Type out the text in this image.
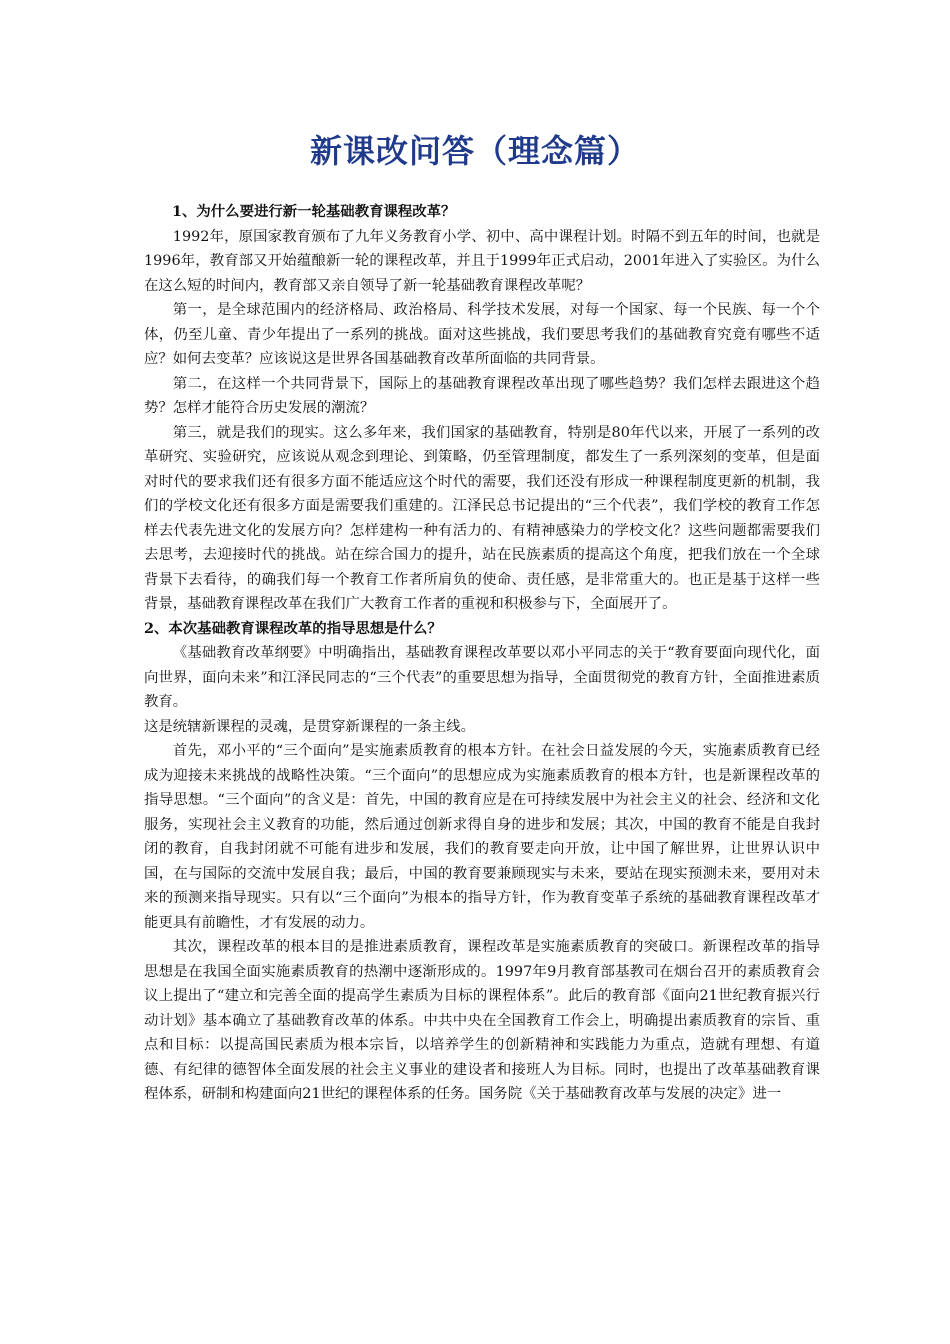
新课改问答（理念篇）

1、为什么要进行新一轮基础教育课程改革？

1992年，原国家教育颁布了九年义务教育小学、初中、高中课程计划。时隔不到五年的时间，也就是1996年，教育部又开始蕴酿新一轮的课程改革，并且于1999年正式启动，2001年进入了实验区。为什么在这么短的时间内，教育部又亲自领导了新一轮基础教育课程改革呢？

第一，是全球范围内的经济格局、政治格局、科学技术发展，对每一个国家、每一个民族、每一个个体，仍至儿童、青少年提出了一系列的挑战。面对这些挑战，我们要思考我们的基础教育究竟有哪些不适应？如何去变革？应该说这是世界各国基础教育改革所面临的共同背景。

第二，在这样一个共同背景下，国际上的基础教育课程改革出现了哪些趋势？我们怎样去跟进这个趋势？怎样才能符合历史发展的潮流？

第三，就是我们的现实。这么多年来，我们国家的基础教育，特别是80年代以来，开展了一系列的改革研究、实验研究，应该说从观念到理论、到策略，仍至管理制度，都发生了一系列深刻的变革，但是面对时代的要求我们还有很多方面不能适应这个时代的需要，我们还没有形成一种课程制度更新的机制，我们的学校文化还有很多方面是需要我们重建的。江泽民总书记提出的“三个代表”，我们学校的教育工作怎样去代表先进文化的发展方向？怎样建构一种有活力的、有精神感染力的学校文化？这些问题都需要我们去思考，去迎接时代的挑战。站在综合国力的提升，站在民族素质的提高这个角度，把我们放在一个全球背景下去看待，的确我们每一个教育工作者所肩负的使命、责任感，是非常重大的。也正是基于这样一些背景，基础教育课程改革在我们广大教育工作者的重视和积极参与下，全面展开了。

2、本次基础教育课程改革的指导思想是什么？

《基础教育改革纲要》中明确指出，基础教育课程改革要以邓小平同志的关于“教育要面向现代化，面向世界，面向未来”和江泽民同志的“三个代表”的重要思想为指导，全面贯彻党的教育方针，全面推进素质教育。

这是统辖新课程的灵魂，是贯穿新课程的一条主线。

首先，邓小平的“三个面向”是实施素质教育的根本方针。在社会日益发展的今天，实施素质教育已经成为迎接未来挑战的战略性决策。“三个面向”的思想应成为实施素质教育的根本方针，也是新课程改革的指导思想。“三个面向”的含义是：首先，中国的教育应是在可持续发展中为社会主义的社会、经济和文化服务，实现社会主义教育的功能，然后通过创新求得自身的进步和发展；其次，中国的教育不能是自我封闭的教育，自我封闭就不可能有进步和发展，我们的教育要走向开放，让中国了解世界，让世界认识中国，在与国际的交流中发展自我；最后，中国的教育要兼顾现实与未来，要站在现实预测未来，要用对未来的预测来指导现实。只有以“三个面向”为根本的指导方针，作为教育变革子系统的基础教育课程改革才能更具有前瞻性，才有发展的动力。

其次，课程改革的根本目的是推进素质教育，课程改革是实施素质教育的突破口。新课程改革的指导思想是在我国全面实施素质教育的热潮中逐渐形成的。1997年9月教育部基教司在烟台召开的素质教育会议上提出了“建立和完善全面的提高学生素质为目标的课程体系”。此后的教育部《面向21世纪教育振兴行动计划》基本确立了基础教育改革的体系。中共中央在全国教育工作会上，明确提出素质教育的宗旨、重点和目标：以提高国民素质为根本宗旨，以培养学生的创新精神和实践能力为重点，造就有理想、有道德、有纪律的德智体全面发展的社会主义事业的建设者和接班人为目标。同时，也提出了改革基础教育课程体系，研制和构建面向21世纪的课程体系的任务。国务院《关于基础教育改革与发展的决定》进一
